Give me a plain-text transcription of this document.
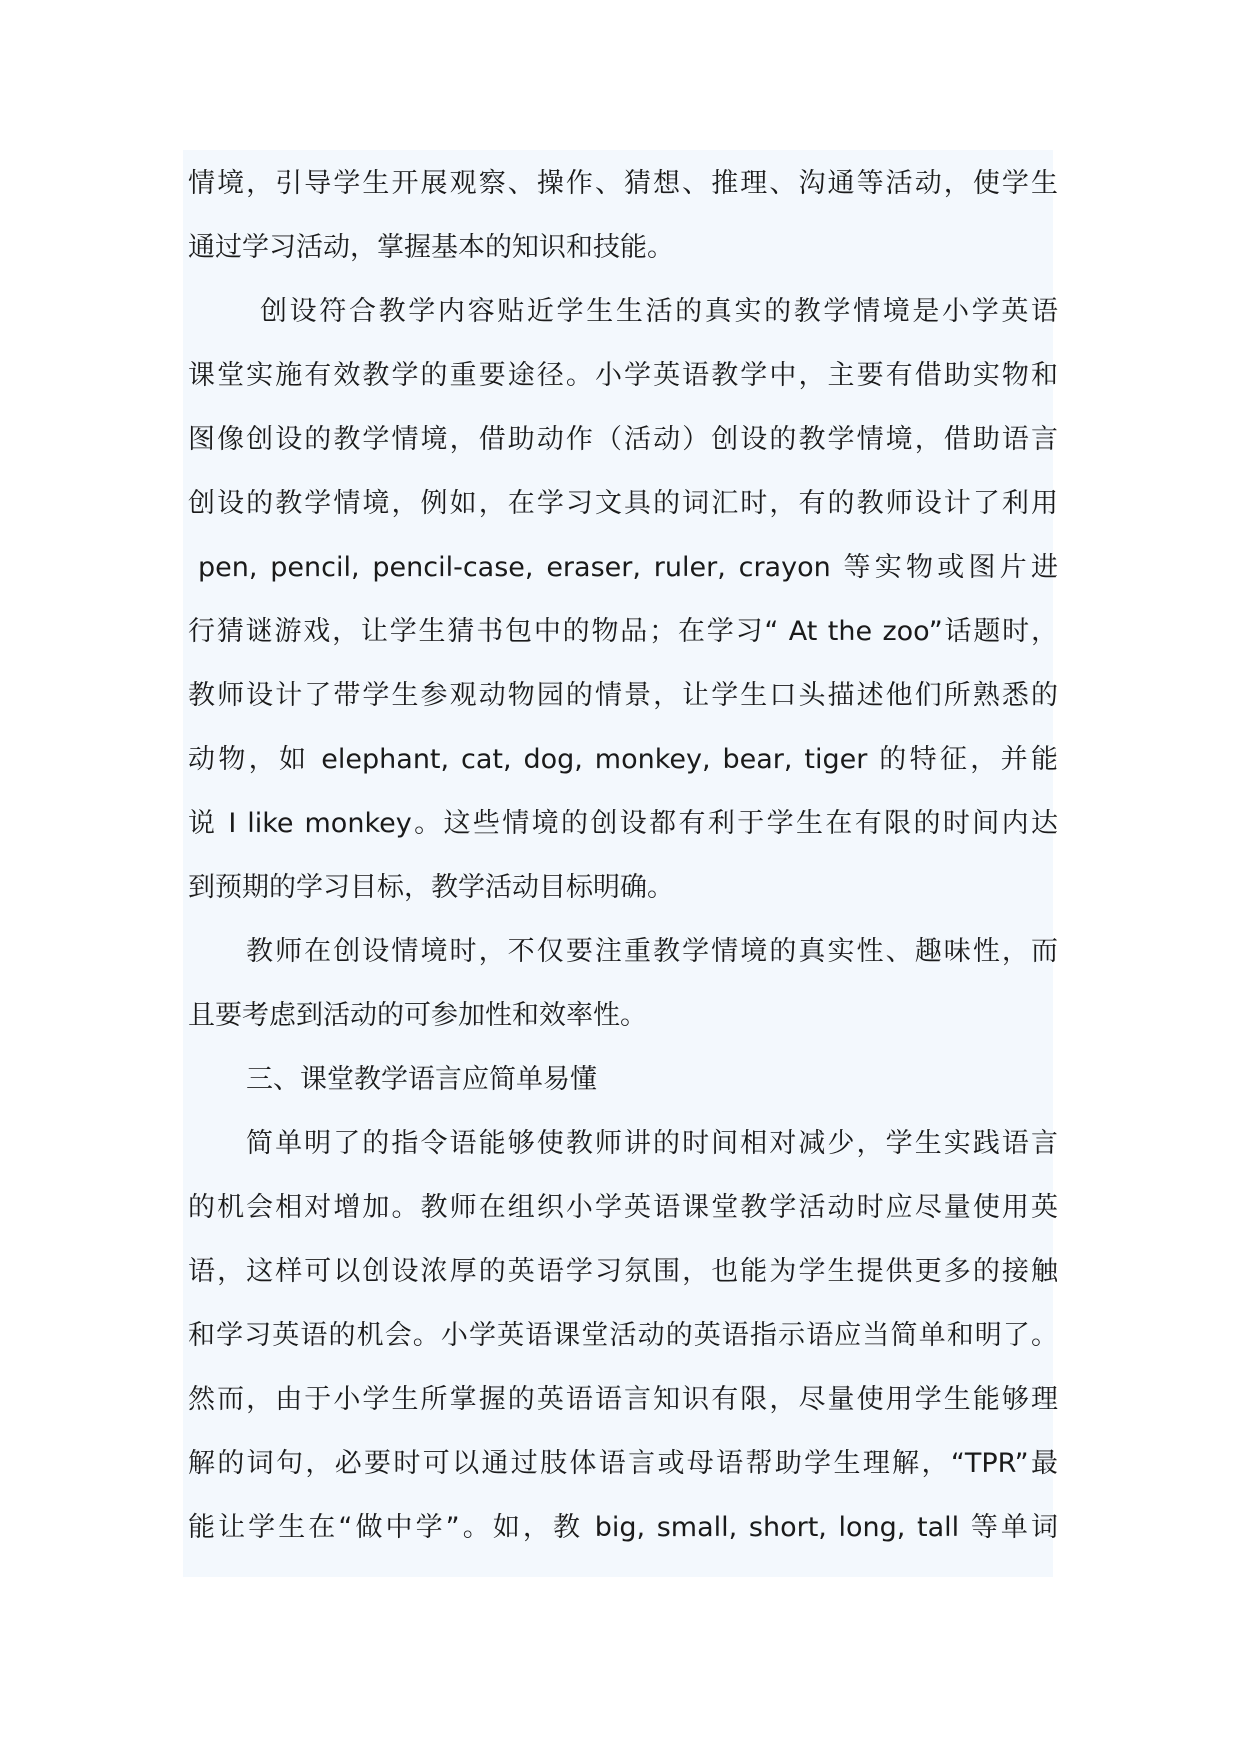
情境，引导学生开展观察、操作、猜想、推理、沟通等活动，使学生
通过学习活动，掌握基本的知识和技能。
创设符合教学内容贴近学生生活的真实的教学情境是小学英语
课堂实施有效教学的重要途径。小学英语教学中，主要有借助实物和
图像创设的教学情境，借助动作（活动）创设的教学情境，借助语言
创设的教学情境，例如，在学习文具的词汇时，有的教师设计了利用
pen, pencil, pencil-case, eraser, ruler, crayon 等实物或图片进
行猜谜游戏，让学生猜书包中的物品；在学习“ At the zoo”话题时，
教师设计了带学生参观动物园的情景，让学生口头描述他们所熟悉的
动物，如 elephant, cat, dog, monkey, bear, tiger 的特征，并能
说 I like monkey。这些情境的创设都有利于学生在有限的时间内达
到预期的学习目标，教学活动目标明确。
教师在创设情境时，不仅要注重教学情境的真实性、趣味性，而
且要考虑到活动的可参加性和效率性。
三、课堂教学语言应简单易懂
简单明了的指令语能够使教师讲的时间相对减少，学生实践语言
的机会相对增加。教师在组织小学英语课堂教学活动时应尽量使用英
语，这样可以创设浓厚的英语学习氛围，也能为学生提供更多的接触
和学习英语的机会。小学英语课堂活动的英语指示语应当简单和明了。
然而，由于小学生所掌握的英语语言知识有限，尽量使用学生能够理
解的词句，必要时可以通过肢体语言或母语帮助学生理解，“TPR”最
能让学生在“做中学”。如，教 big, small, short, long, tall 等单词
